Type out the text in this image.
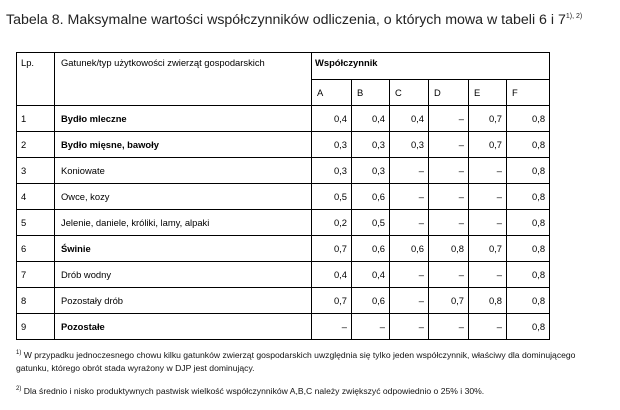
Tabela 8. Maksymalne wartości współczynników odliczenia, o których mowa w tabeli 6 i $7^{1), 2)}$
Lp.	Gatunek/typ użytkowości zwierząt gospodarskich	Współczynnik					
		A	B	C	D	E	F
1	Bydło mleczne	0,4	0,4	0,4	–	0,7	0,8
2	Bydło mięsne, bawoły	0,3	0,3	0,3	–	0,7	0,8
3	Koniowate	0,3	0,3	–	–	–	0,8
4	Owce, kozy	0,5	0,6	–	–	–	0,8
5	Jelenie, daniele, króliki, lamy, alpaki	0,2	0,5	–	–	–	0,8
6	Świnie	0,7	0,6	0,6	0,8	0,7	0,8
7	Drób wodny	0,4	0,4	–	–	–	0,8
8	Pozostały drób	0,7	0,6	–	0,7	0,8	0,8
9	Pozostałe	–	–	–	–	–	0,8
$^{1)}$ W przypadku jednoczesnego chowu kilku gatunków zwierząt gospodarskich uwzględnia się tylko jeden współczynnik, właściwy dla dominującego gatunku, którego obrót stada wyrażony w DJP jest dominujący.
$^{2)}$ Dla średnio i nisko produktywnych pastwisk wielkość współczynników A,B,C należy zwiększyć odpowiednio o 25% i 30%.
